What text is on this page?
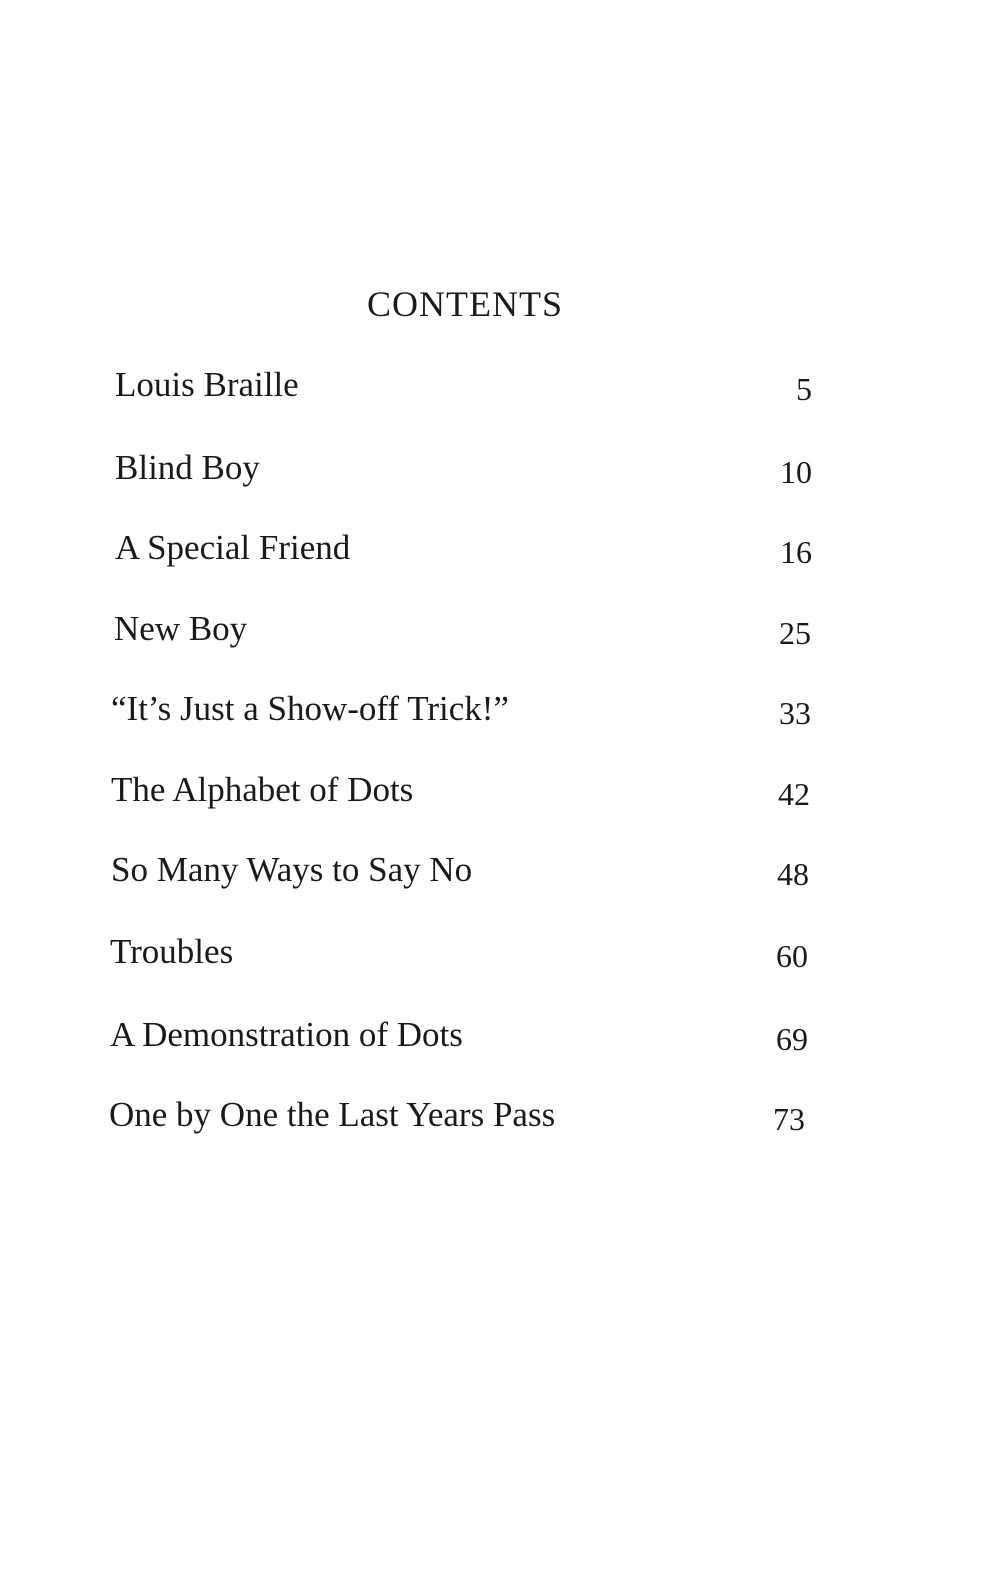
CONTENTS
Louis Braille	5
Blind Boy	10
A Special Friend	16
New Boy	25
“It’s Just a Show-off Trick!”	33
The Alphabet of Dots	42
So Many Ways to Say No	48
Troubles	60
A Demonstration of Dots	69
One by One the Last Years Pass	73
